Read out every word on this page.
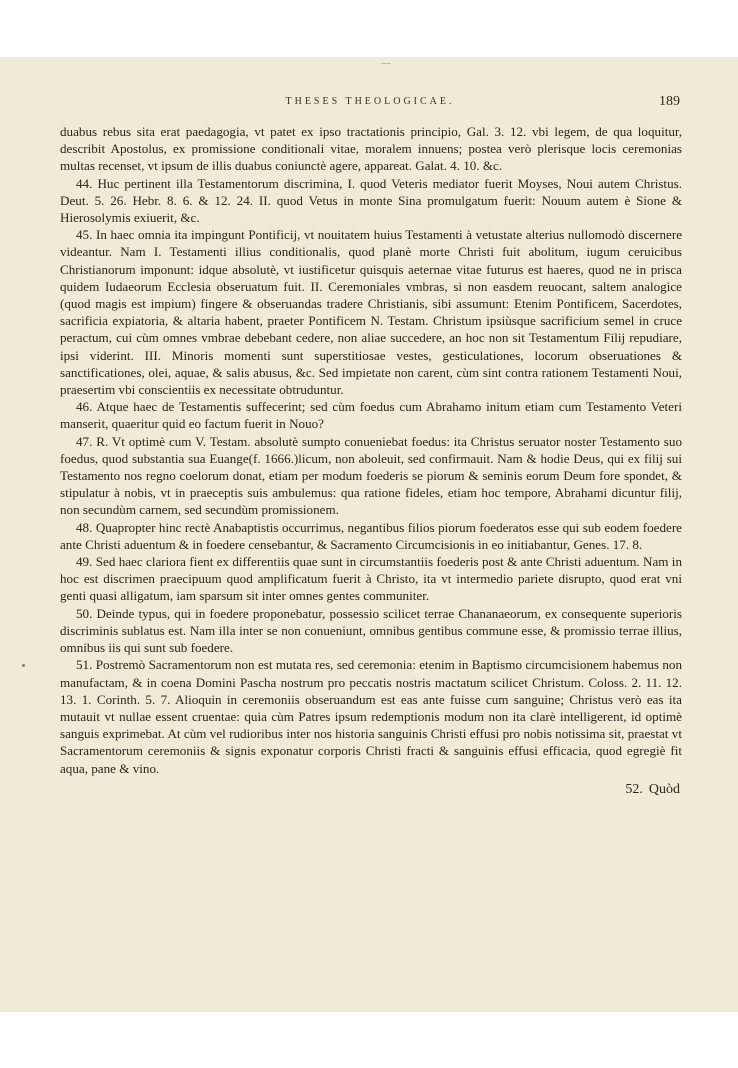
THESES THEOLOGICAE.	189

duabus rebus sita erat paedagogia, vt patet ex ipso tractationis principio, Gal. 3. 12. vbi legem, de qua loquitur, describit Apostolus, ex promissione conditionali vitae, moralem innuens; postea verò plerisque locis ceremonias multas recenset, vt ipsum de illis duabus coniunctè agere, appareat. Galat. 4. 10. &c.

44. Huc pertinent illa Testamentorum discrimina, I. quod Veteris mediator fuerit Moyses, Noui autem Christus. Deut. 5. 26. Hebr. 8. 6. & 12. 24. II. quod Vetus in monte Sina promulgatum fuerit: Nouum autem è Sione & Hierosolymis exiuerit, &c.

45. In haec omnia ita impingunt Pontificij, vt nouitatem huius Testamenti à vetustate alterius nullomodò discernere videantur. Nam I. Testamenti illius conditionalis, quod planè morte Christi fuit abolitum, iugum ceruicibus Christianorum imponunt: idque absolutè, vt iustificetur quisquis aeternae vitae futurus est haeres, quod ne in prisca quidem Iudaeorum Ecclesia obseruatum fuit. II. Ceremoniales vmbras, si non easdem reuocant, saltem analogice (quod magis est impium) fingere & obseruandas tradere Christianis, sibi assumunt: Etenim Pontificem, Sacerdotes, sacrificia expiatoria, & altaria habent, praeter Pontificem N. Testam. Christum ipsiùsque sacrificium semel in cruce peractum, cui cùm omnes vmbrae debebant cedere, non aliae succedere, an hoc non sit Testamentum Filij repudiare, ipsi viderint. III. Minoris momenti sunt superstitiosae vestes, gesticulationes, locorum obseruationes & sanctificationes, olei, aquae, & salis abusus, &c. Sed impietate non carent, cùm sint contra rationem Testamenti Noui, praesertim vbi conscientiis ex necessitate obtruduntur.

46. Atque haec de Testamentis suffecerint; sed cùm foedus cum Abrahamo initum etiam cum Testamento Veteri manserit, quaeritur quid eo factum fuerit in Nouo?

47. R. Vt optimè cum V. Testam. absolutè sumpto conueniebat foedus: ita Christus seruator noster Testamento suo foedus, quod substantia sua Euange(f. 1666.)licum, non aboleuit, sed confirmauit. Nam & hodie Deus, qui ex filij sui Testamento nos regno coelorum donat, etiam per modum foederis se piorum & seminis eorum Deum fore spondet, & stipulatur à nobis, vt in praeceptis suis ambulemus: qua ratione fideles, etiam hoc tempore, Abrahami dicuntur filij, non secundùm carnem, sed secundùm promissionem.

48. Quapropter hinc rectè Anabaptistis occurrimus, negantibus filios piorum foederatos esse qui sub eodem foedere ante Christi aduentum & in foedere censebantur, & Sacramento Circumcisionis in eo initiabantur, Genes. 17. 8.

49. Sed haec clariora fient ex differentiis quae sunt in circumstantiis foederis post & ante Christi aduentum. Nam in hoc est discrimen praecipuum quod amplificatum fuerit à Christo, ita vt intermedio pariete disrupto, quod erat vni genti quasi alligatum, iam sparsum sit inter omnes gentes communiter.

50. Deinde typus, qui in foedere proponebatur, possessio scilicet terrae Chananaeorum, ex consequente superioris discriminis sublatus est. Nam illa inter se non conueniunt, omnibus gentibus commune esse, & promissio terrae illius, omnibus iis qui sunt sub foedere.

51. Postremò Sacramentorum non est mutata res, sed ceremonia: etenim in Baptismo circumcisionem habemus non manufactam, & in coena Domini Pascha nostrum pro peccatis nostris mactatum scilicet Christum. Coloss. 2. 11. 12. 13. 1. Corinth. 5. 7. Alioquin in ceremoniis obseruandum est eas ante fuisse cum sanguine; Christus verò eas ita mutauit vt nullae essent cruentae: quia cùm Patres ipsum redemptionis modum non ita clarè intelligerent, id optimè sanguis exprimebat. At cùm vel rudioribus inter nos historia sanguinis Christi effusi pro nobis notissima sit, praestat vt Sacramentorum ceremoniis & signis exponatur corporis Christi fracti & sanguinis effusi efficacia, quod egregiè fit aqua, pane & vino.

52. Quòd
